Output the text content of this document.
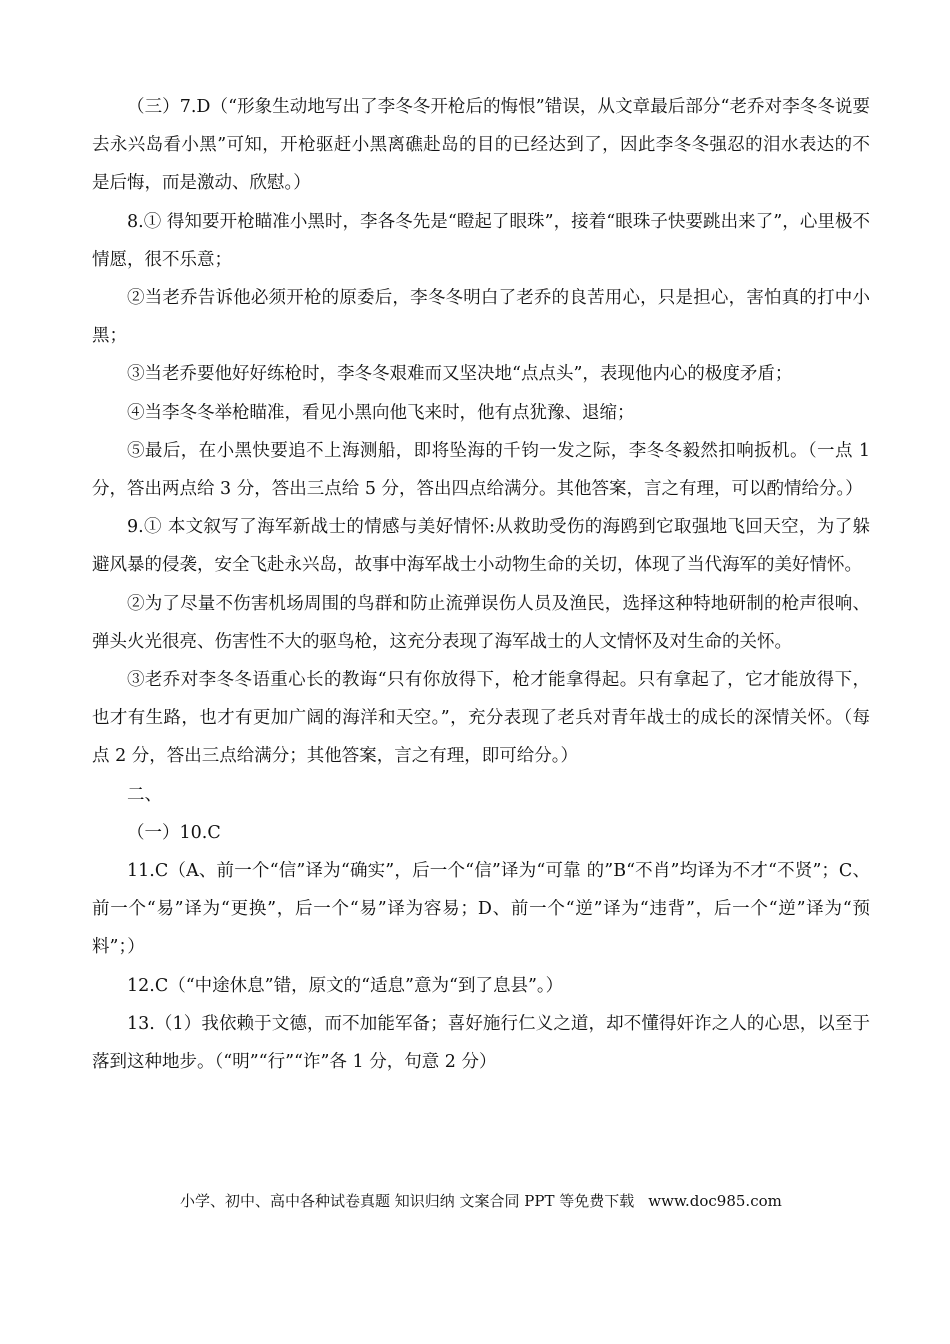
（三）7.D（“形象生动地写出了李冬冬开枪后的悔恨”错误，从文章最后部分“老乔对李冬冬说要去永兴岛看小黑”可知，开枪驱赶小黑离礁赴岛的目的已经达到了，因此李冬冬强忍的泪水表达的不是后悔，而是激动、欣慰。）

8.① 得知要开枪瞄准小黑时，李各冬先是“瞪起了眼珠”，接着“眼珠子快要跳出来了”，心里极不情愿，很不乐意；

②当老乔告诉他必须开枪的原委后，李冬冬明白了老乔的良苦用心，只是担心，害怕真的打中小黑；

③当老乔要他好好练枪时，李冬冬艰难而又坚决地“点点头”，表现他内心的极度矛盾；

④当李冬冬举枪瞄准，看见小黑向他飞来时，他有点犹豫、退缩；

⑤最后，在小黑快要追不上海测船，即将坠海的千钧一发之际，李冬冬毅然扣响扳机。（一点 1 分，答出两点给 3 分，答出三点给 5 分，答出四点给满分。其他答案，言之有理，可以酌情给分。）

9.① 本文叙写了海军新战士的情感与美好情怀:从救助受伤的海鸥到它取强地飞回天空，为了躲避风暴的侵袭，安全飞赴永兴岛，故事中海军战士小动物生命的关切，体现了当代海军的美好情怀。

②为了尽量不伤害机场周围的鸟群和防止流弹误伤人员及渔民，选择这种特地研制的枪声很响、弹头火光很亮、伤害性不大的驱鸟枪，这充分表现了海军战士的人文情怀及对生命的关怀。

③老乔对李冬冬语重心长的教诲“只有你放得下，枪才能拿得起。只有拿起了，它才能放得下，也才有生路，也才有更加广阔的海洋和天空。”，充分表现了老兵对青年战士的成长的深情关怀。（每点 2 分，答出三点给满分；其他答案，言之有理，即可给分。）

二、

（一）10.C

11.C（A、前一个“信”译为“确实”，后一个“信”译为“可靠 的”B“不肖”均译为不才“不贤”；C、前一个“易”译为“更换”，后一个“易”译为容易；D、前一个“逆”译为“违背”，后一个“逆”译为“预料”；）

12.C（“中途休息”错，原文的“适息”意为“到了息县”。）

13.（1）我依赖于文德，而不加能军备；喜好施行仁义之道，却不懂得奸诈之人的心思，以至于落到这种地步。（“明”“行”“诈”各 1 分，句意 2 分）

小学、初中、高中各种试卷真题 知识归纳 文案合同 PPT 等免费下载 www.doc985.com
